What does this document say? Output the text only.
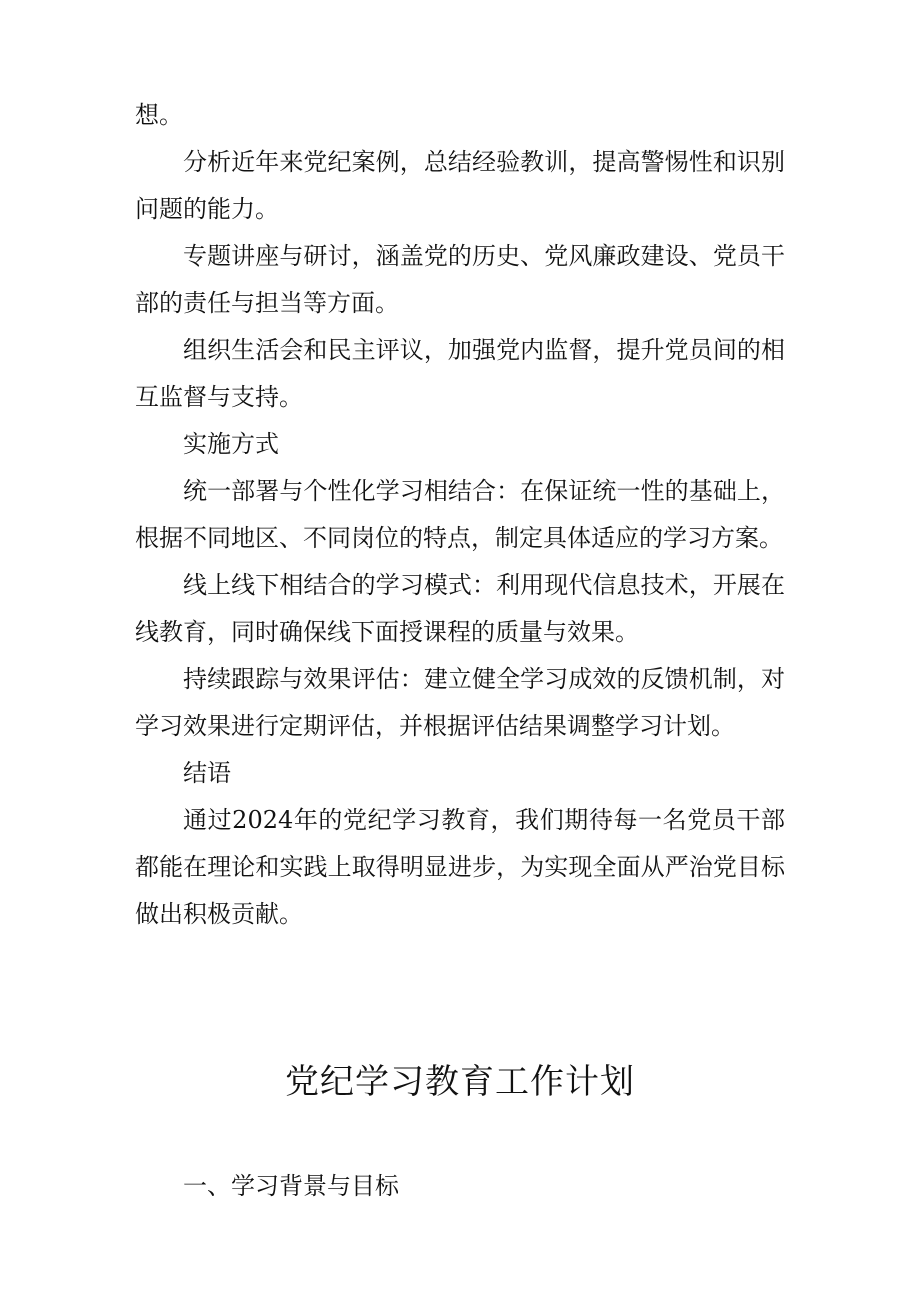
想。

分析近年来党纪案例，总结经验教训，提高警惕性和识别问题的能力。

专题讲座与研讨，涵盖党的历史、党风廉政建设、党员干部的责任与担当等方面。

组织生活会和民主评议，加强党内监督，提升党员间的相互监督与支持。

实施方式

统一部署与个性化学习相结合：在保证统一性的基础上，根据不同地区、不同岗位的特点，制定具体适应的学习方案。

线上线下相结合的学习模式：利用现代信息技术，开展在线教育，同时确保线下面授课程的质量与效果。

持续跟踪与效果评估：建立健全学习成效的反馈机制，对学习效果进行定期评估，并根据评估结果调整学习计划。

结语

通过2024年的党纪学习教育，我们期待每一名党员干部都能在理论和实践上取得明显进步，为实现全面从严治党目标做出积极贡献。

党纪学习教育工作计划

一、学习背景与目标
